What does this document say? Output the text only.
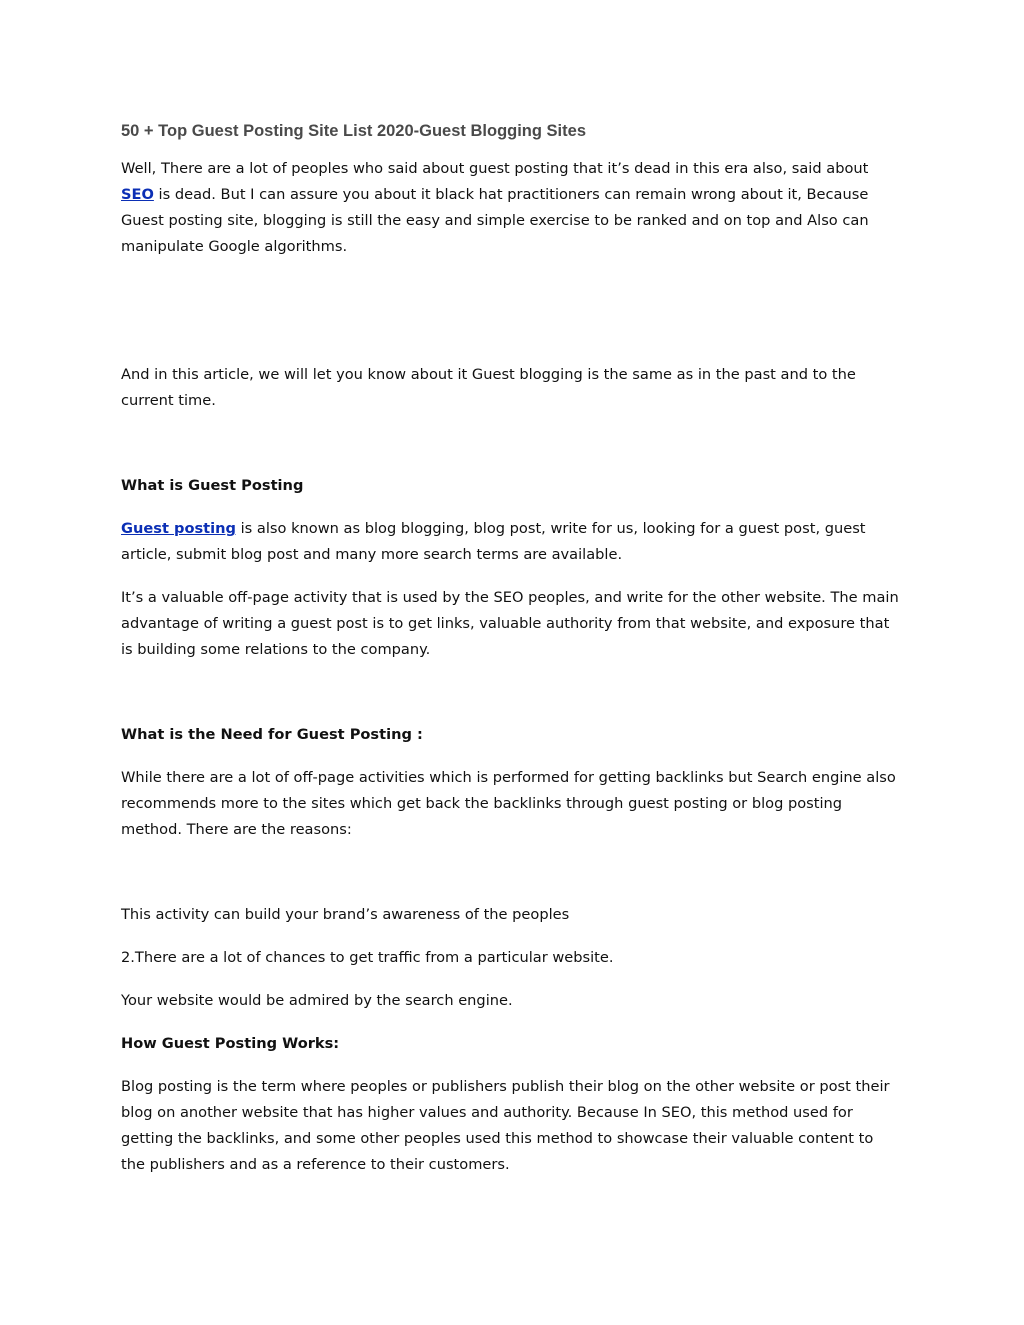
50 + Top Guest Posting Site List 2020-Guest Blogging Sites

Well, There are a lot of peoples who said about guest posting that it’s dead in this era also, said about SEO is dead. But I can assure you about it black hat practitioners can remain wrong about it, Because Guest posting site, blogging is still the easy and simple exercise to be ranked and on top and Also can manipulate Google algorithms.

And in this article, we will let you know about it Guest blogging is the same as in the past and to the current time.

What is Guest Posting

Guest posting is also known as blog blogging, blog post, write for us, looking for a guest post, guest article, submit blog post and many more search terms are available.

It’s a valuable off-page activity that is used by the SEO peoples, and write for the other website. The main advantage of writing a guest post is to get links, valuable authority from that website, and exposure that is building some relations to the company.

What is the Need for Guest Posting :

While there are a lot of off-page activities which is performed for getting backlinks but Search engine also recommends more to the sites which get back the backlinks through guest posting or blog posting method. There are the reasons:

This activity can build your brand’s awareness of the peoples

2.There are a lot of chances to get traffic from a particular website.

Your website would be admired by the search engine.

How Guest Posting Works:

Blog posting is the term where peoples or publishers publish their blog on the other website or post their blog on another website that has higher values and authority. Because In SEO, this method used for getting the backlinks, and some other peoples used this method to showcase their valuable content to the publishers and as a reference to their customers.
